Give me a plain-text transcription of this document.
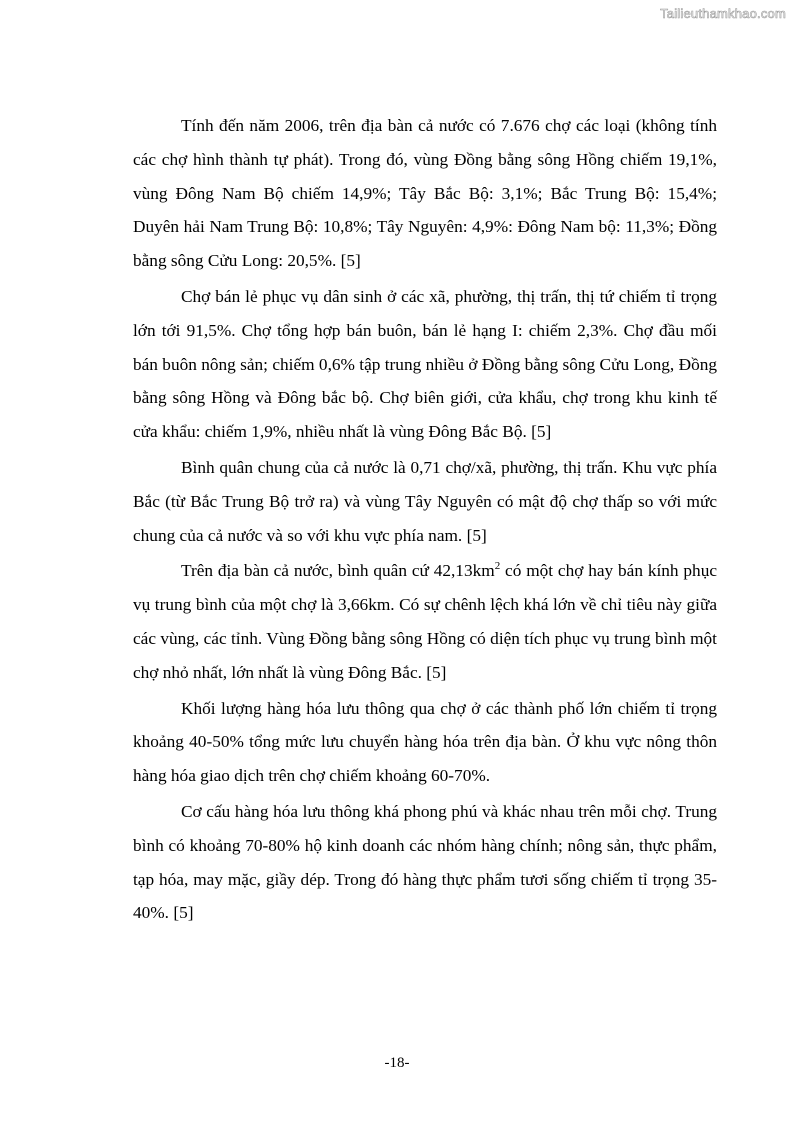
Tailieuthamkhao.com

Tính đến năm 2006, trên địa bàn cả nước có 7.676 chợ các loại (không tính các chợ hình thành tự phát). Trong đó, vùng Đồng bằng sông Hồng chiếm 19,1%, vùng Đông Nam Bộ chiếm 14,9%; Tây Bắc Bộ: 3,1%; Bắc Trung Bộ: 15,4%; Duyên hải Nam Trung Bộ: 10,8%; Tây Nguyên: 4,9%: Đông Nam bộ: 11,3%; Đồng bằng sông Cửu Long: 20,5%. [5]

Chợ bán lẻ phục vụ dân sinh ở các xã, phường, thị trấn, thị tứ chiếm tỉ trọng lớn tới 91,5%. Chợ tổng hợp bán buôn, bán lẻ hạng I: chiếm 2,3%. Chợ đầu mối bán buôn nông sản; chiếm 0,6% tập trung nhiều ở Đồng bằng sông Cửu Long, Đồng bằng sông Hồng và Đông bắc bộ. Chợ biên giới, cửa khẩu, chợ trong khu kinh tế cửa khẩu: chiếm 1,9%, nhiều nhất là vùng Đông Bắc Bộ. [5]

Bình quân chung của cả nước là 0,71 chợ/xã, phường, thị trấn. Khu vực phía Bắc (từ Bắc Trung Bộ trở ra) và vùng Tây Nguyên có mật độ chợ thấp so với mức chung của cả nước và so với khu vực phía nam. [5]

Trên địa bàn cả nước, bình quân cứ $42,13km^2$ có một chợ hay bán kính phục vụ trung bình của một chợ là 3,66km. Có sự chênh lệch khá lớn về chỉ tiêu này giữa các vùng, các tỉnh. Vùng Đồng bằng sông Hồng có diện tích phục vụ trung bình một chợ nhỏ nhất, lớn nhất là vùng Đông Bắc. [5]

Khối lượng hàng hóa lưu thông qua chợ ở các thành phố lớn chiếm tỉ trọng khoảng 40-50% tổng mức lưu chuyển hàng hóa trên địa bàn. Ở khu vực nông thôn hàng hóa giao dịch trên chợ chiếm khoảng 60-70%.

Cơ cấu hàng hóa lưu thông khá phong phú và khác nhau trên mỗi chợ. Trung bình có khoảng 70-80% hộ kinh doanh các nhóm hàng chính; nông sản, thực phẩm, tạp hóa, may mặc, giầy dép. Trong đó hàng thực phẩm tươi sống chiếm tỉ trọng 35-40%. [5]

-18-
